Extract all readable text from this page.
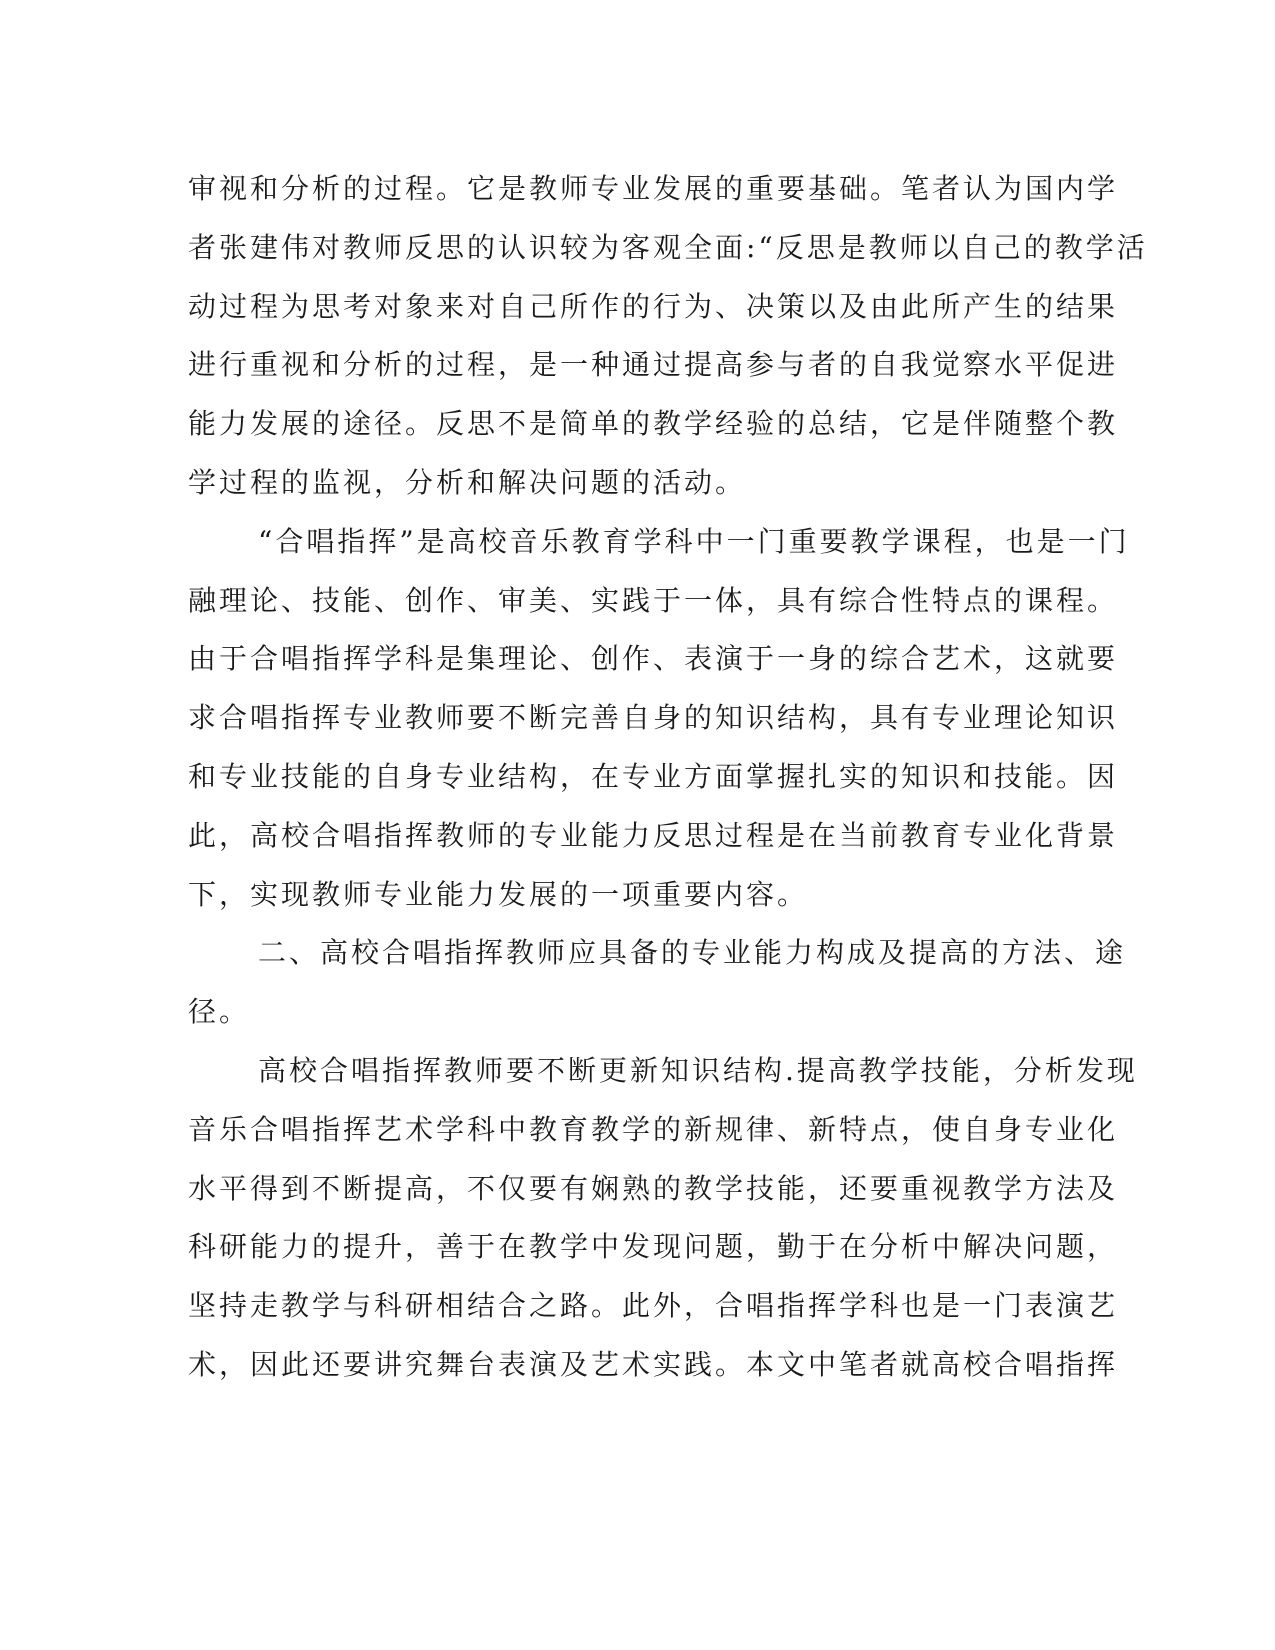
审视和分析的过程。它是教师专业发展的重要基础。笔者认为国内学
者张建伟对教师反思的认识较为客观全面:“反思是教师以自己的教学活
动过程为思考对象来对自己所作的行为、决策以及由此所产生的结果
进行重视和分析的过程，是一种通过提高参与者的自我觉察水平促进
能力发展的途径。反思不是简单的教学经验的总结，它是伴随整个教
学过程的监视，分析和解决问题的活动。
“合唱指挥”是高校音乐教育学科中一门重要教学课程，也是一门
融理论、技能、创作、审美、实践于一体，具有综合性特点的课程。
由于合唱指挥学科是集理论、创作、表演于一身的综合艺术，这就要
求合唱指挥专业教师要不断完善自身的知识结构，具有专业理论知识
和专业技能的自身专业结构，在专业方面掌握扎实的知识和技能。因
此，高校合唱指挥教师的专业能力反思过程是在当前教育专业化背景
下，实现教师专业能力发展的一项重要内容。
二、高校合唱指挥教师应具备的专业能力构成及提高的方法、途
径。
高校合唱指挥教师要不断更新知识结构.提高教学技能，分析发现
音乐合唱指挥艺术学科中教育教学的新规律、新特点，使自身专业化
水平得到不断提高，不仅要有娴熟的教学技能，还要重视教学方法及
科研能力的提升，善于在教学中发现问题，勤于在分析中解决问题，
坚持走教学与科研相结合之路。此外，合唱指挥学科也是一门表演艺
术，因此还要讲究舞台表演及艺术实践。本文中笔者就高校合唱指挥
